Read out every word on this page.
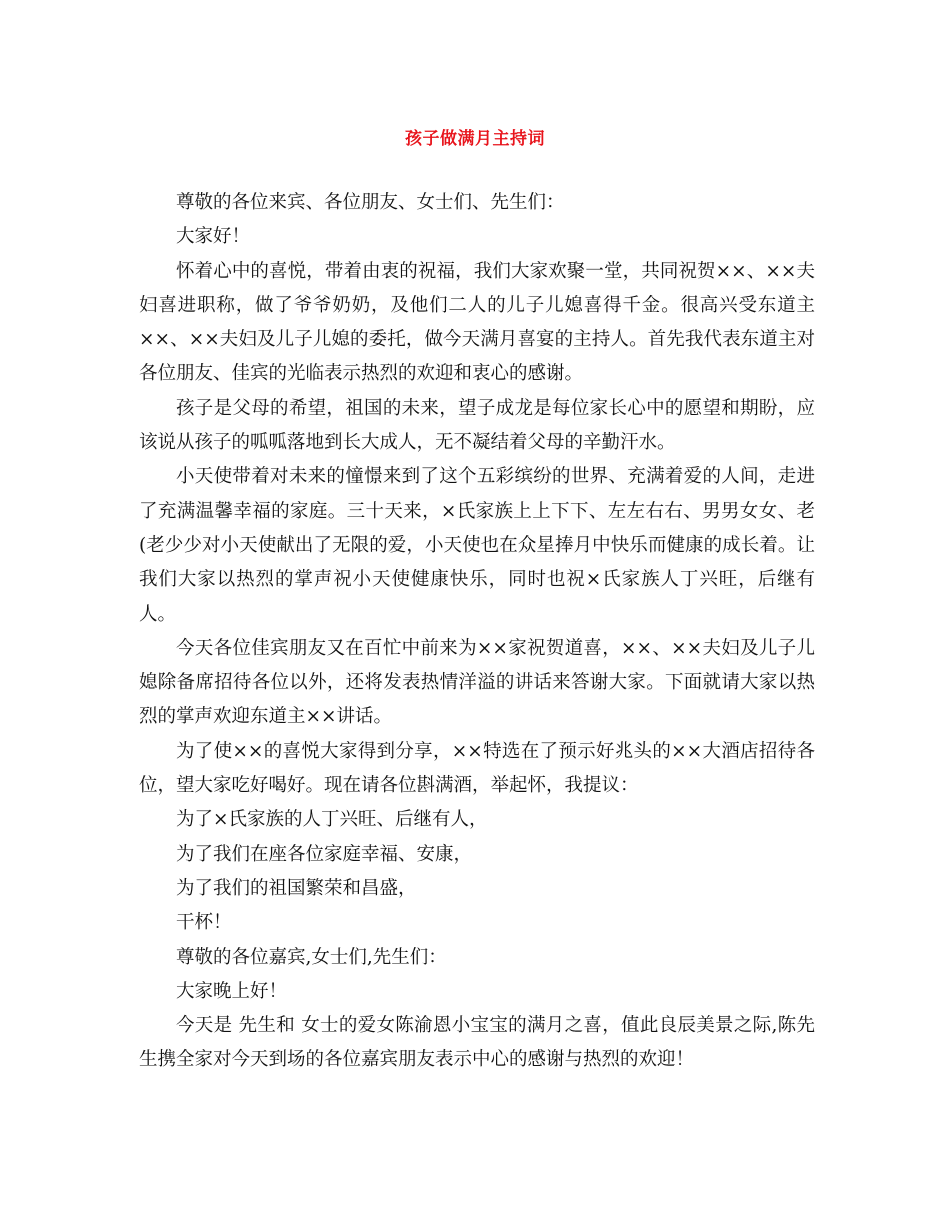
孩子做满月主持词

尊敬的各位来宾、各位朋友、女士们、先生们：

大家好！

怀着心中的喜悦，带着由衷的祝福，我们大家欢聚一堂，共同祝贺××、××夫妇喜进职称，做了爷爷奶奶，及他们二人的儿子儿媳喜得千金。很高兴受东道主××、××夫妇及儿子儿媳的委托，做今天满月喜宴的主持人。首先我代表东道主对各位朋友、佳宾的光临表示热烈的欢迎和衷心的感谢。

孩子是父母的希望，祖国的未来，望子成龙是每位家长心中的愿望和期盼，应该说从孩子的呱呱落地到长大成人，无不凝结着父母的辛勤汗水。

小天使带着对未来的憧憬来到了这个五彩缤纷的世界、充满着爱的人间，走进了充满温馨幸福的家庭。三十天来，×氏家族上上下下、左左右右、男男女女、老(老少少对小天使献出了无限的爱，小天使也在众星捧月中快乐而健康的成长着。让我们大家以热烈的掌声祝小天使健康快乐，同时也祝×氏家族人丁兴旺，后继有人。

今天各位佳宾朋友又在百忙中前来为××家祝贺道喜，××、××夫妇及儿子儿媳除备席招待各位以外，还将发表热情洋溢的讲话来答谢大家。下面就请大家以热烈的掌声欢迎东道主××讲话。

为了使××的喜悦大家得到分享，××特选在了预示好兆头的××大酒店招待各位，望大家吃好喝好。现在请各位斟满酒，举起怀，我提议：

为了×氏家族的人丁兴旺、后继有人，

为了我们在座各位家庭幸福、安康，

为了我们的祖国繁荣和昌盛，

干杯！

尊敬的各位嘉宾,女士们,先生们：

大家晚上好！

今天是 先生和 女士的爱女陈渝恩小宝宝的满月之喜，值此良辰美景之际,陈先生携全家对今天到场的各位嘉宾朋友表示中心的感谢与热烈的欢迎！
